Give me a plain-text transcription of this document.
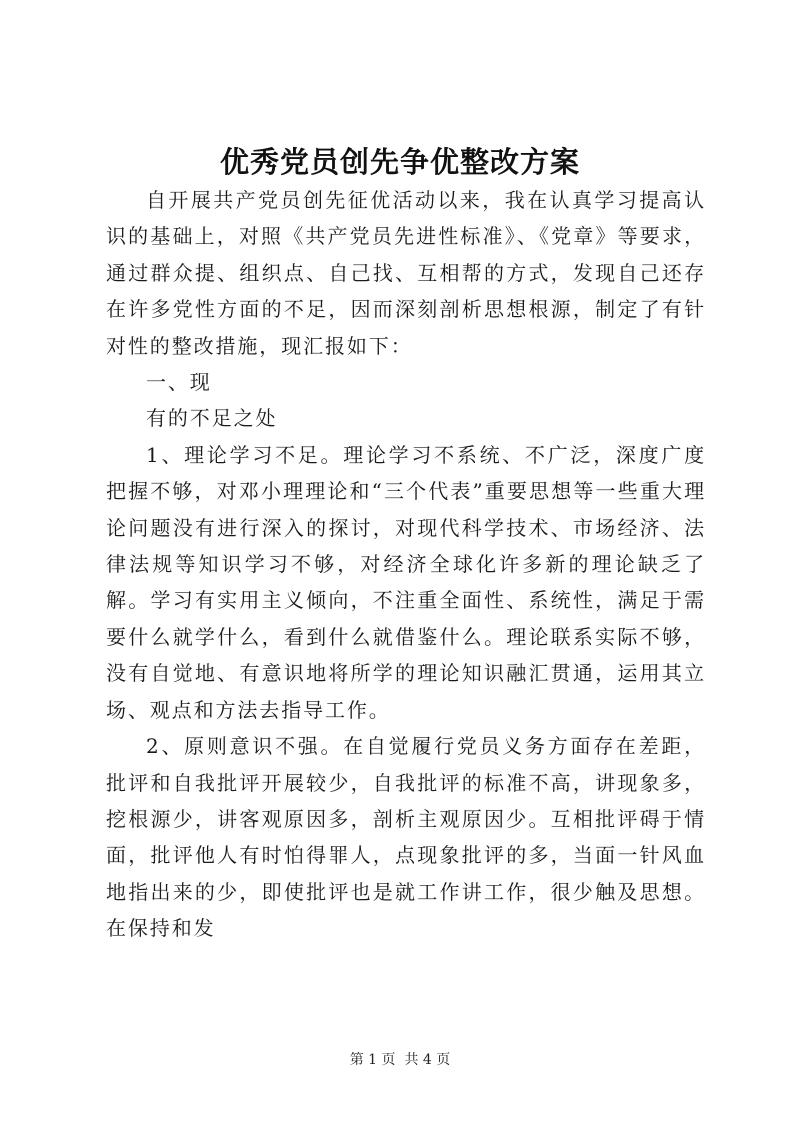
优秀党员创先争优整改方案

自开展共产党员创先征优活动以来，我在认真学习提高认识的基础上，对照《共产党员先进性标准》、《党章》等要求，通过群众提、组织点、自己找、互相帮的方式，发现自己还存在许多党性方面的不足，因而深刻剖析思想根源，制定了有针对性的整改措施，现汇报如下：

一、现

有的不足之处

1、理论学习不足。理论学习不系统、不广泛，深度广度把握不够，对邓小理理论和“三个代表”重要思想等一些重大理论问题没有进行深入的探讨，对现代科学技术、市场经济、法律法规等知识学习不够，对经济全球化许多新的理论缺乏了解。学习有实用主义倾向，不注重全面性、系统性，满足于需要什么就学什么，看到什么就借鉴什么。理论联系实际不够，没有自觉地、有意识地将所学的理论知识融汇贯通，运用其立场、观点和方法去指导工作。

2、原则意识不强。在自觉履行党员义务方面存在差距，批评和自我批评开展较少，自我批评的标准不高，讲现象多，挖根源少，讲客观原因多，剖析主观原因少。互相批评碍于情面，批评他人有时怕得罪人，点现象批评的多，当面一针风血地指出来的少，即使批评也是就工作讲工作，很少触及思想。在保持和发

第 1 页  共 4 页
